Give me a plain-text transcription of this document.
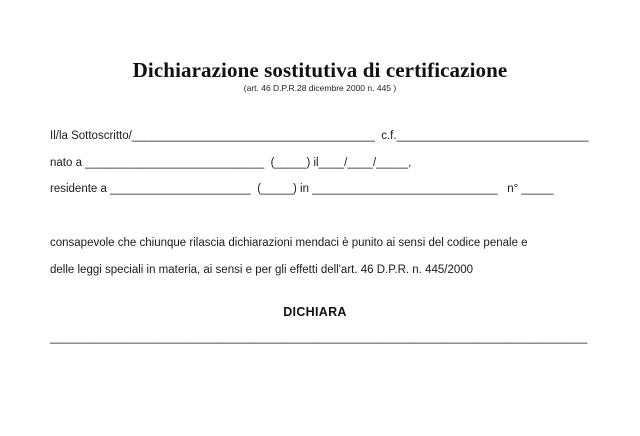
Dichiarazione sostitutiva di certificazione
(art. 46 D.P.R.28 dicembre 2000 n. 445 )
Il/la Sottoscritto/______________________________________  c.f.______________________________
nato a ____________________________  (_____) il____/____/_____,
residente a ______________________  (_____) in _____________________________   n° _____
consapevole che chiunque rilascia dichiarazioni mendaci è punito ai sensi del codice penale e
delle leggi speciali in materia, ai sensi e per gli effetti dell'art. 46 D.P.R. n. 445/2000
DICHIARA
____________________________________________________________________________________
